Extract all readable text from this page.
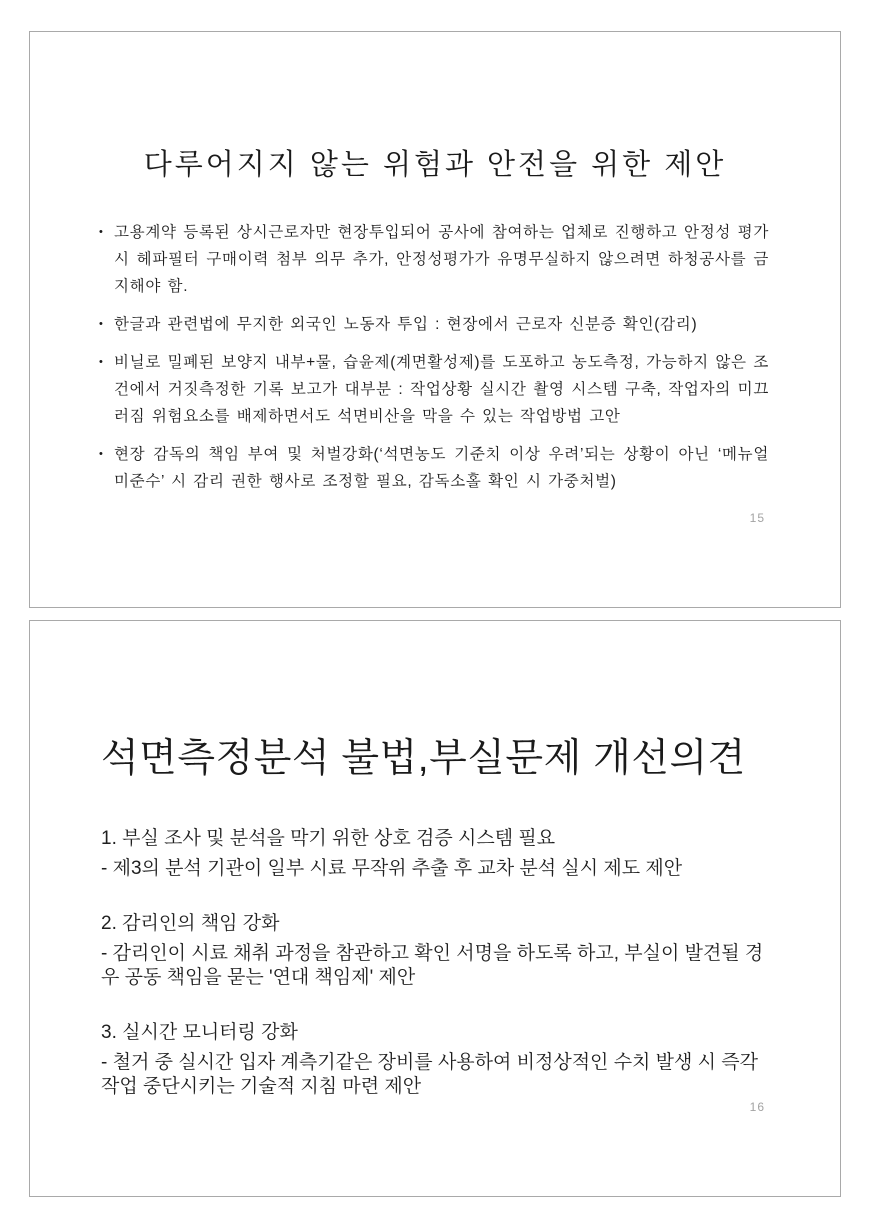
다루어지지 않는 위험과 안전을 위한 제안
• 고용계약 등록된 상시근로자만 현장투입되어 공사에 참여하는 업체로 진행하고 안정성 평가 시 헤파필터 구매이력 첨부 의무 추가, 안정성평가가 유명무실하지 않으려면 하청공사를 금지해야 함.
• 한글과 관련법에 무지한 외국인 노동자 투입 : 현장에서 근로자 신분증 확인(감리)
• 비닐로 밀폐된 보양지 내부+물, 습윤제(계면활성제)를 도포하고 농도측정, 가능하지 않은 조건에서 거짓측정한 기록 보고가 대부분 : 작업상황 실시간 촬영 시스템 구축, 작업자의 미끄러짐 위험요소를 배제하면서도 석면비산을 막을 수 있는 작업방법 고안
• 현장 감독의 책임 부여 및 처벌강화(‘석면농도 기준치 이상 우려’되는 상황이 아닌 ‘메뉴얼 미준수’ 시 감리 권한 행사로 조정할 필요, 감독소홀 확인 시 가중처벌)
15
석면측정분석 불법,부실문제 개선의견
1. 부실 조사 및 분석을 막기 위한 상호 검증 시스템 필요
- 제3의 분석 기관이 일부 시료 무작위 추출 후 교차 분석 실시 제도 제안
2. 감리인의 책임 강화
- 감리인이 시료 채취 과정을 참관하고 확인 서명을 하도록 하고, 부실이 발견될 경우 공동 책임을 묻는 '연대 책임제' 제안
3. 실시간 모니터링 강화
- 철거 중 실시간 입자 계측기같은 장비를 사용하여 비정상적인 수치 발생 시 즉각 작업 중단시키는 기술적 지침 마련 제안
16
